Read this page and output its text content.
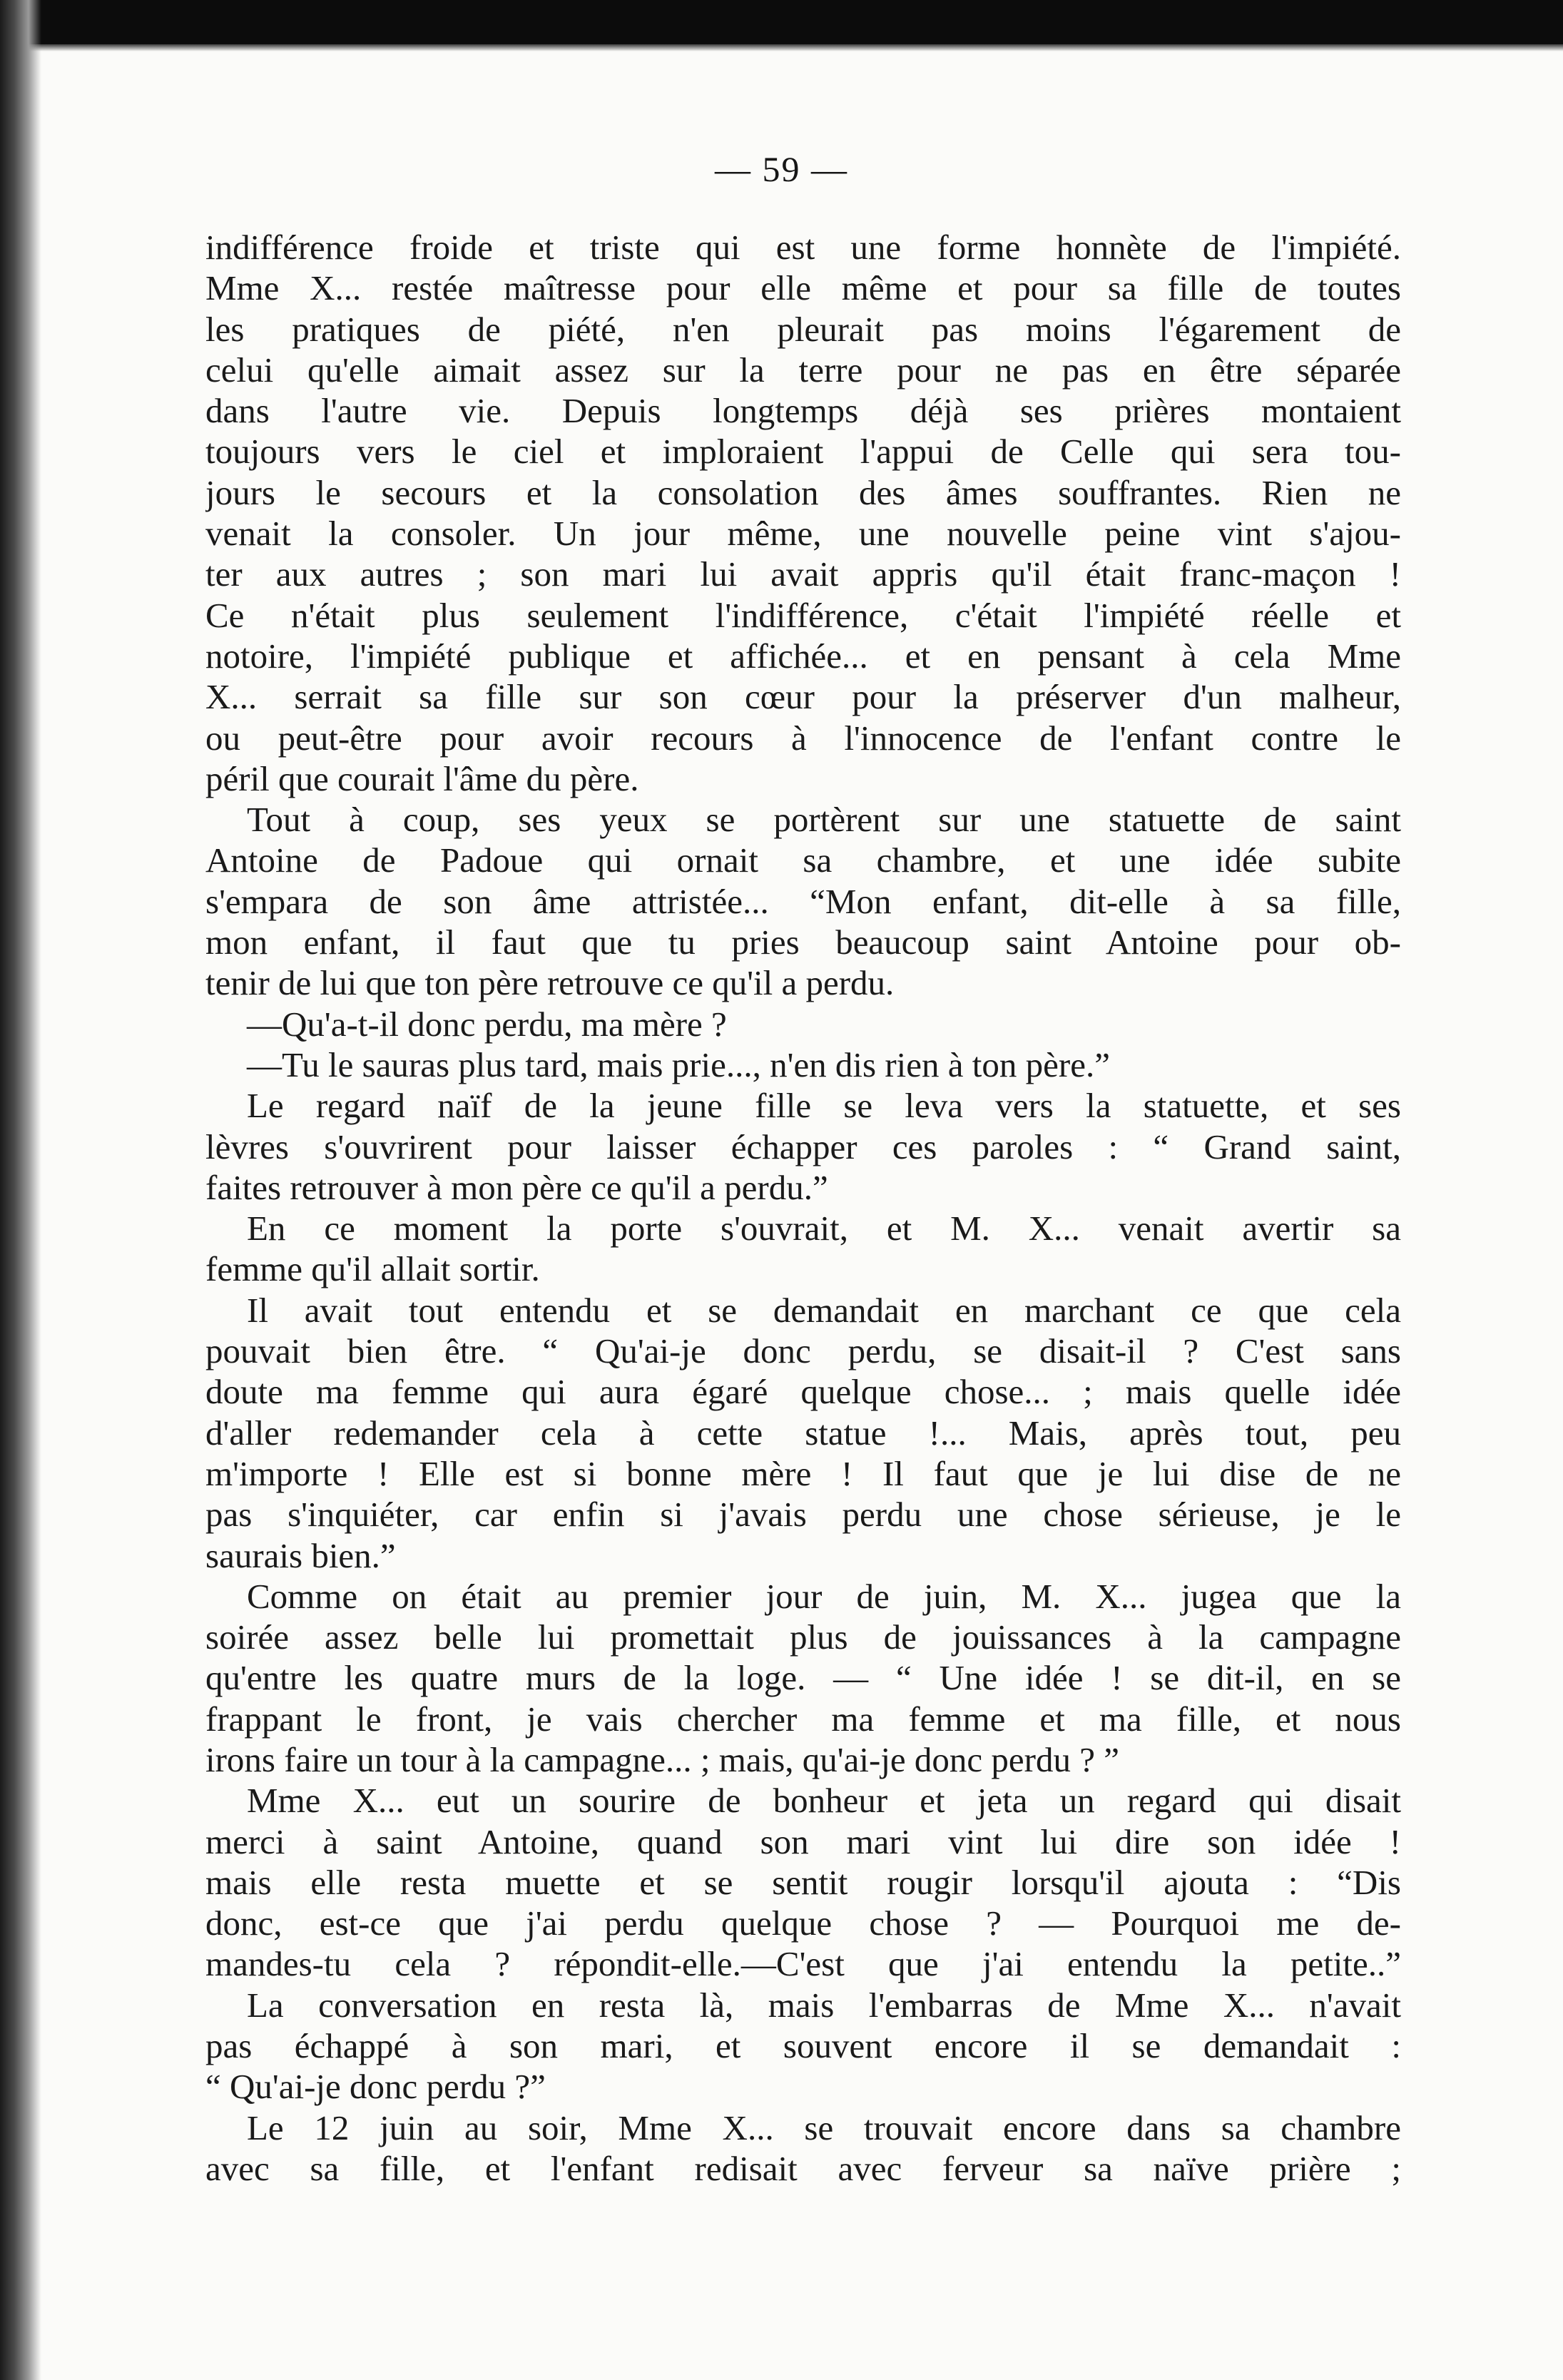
— 59 —
indifférence froide et triste qui est une forme honnète de l'impiété.
Mme X... restée maîtresse pour elle même et pour sa fille de toutes
les pratiques de piété, n'en pleurait pas moins l'égarement de
celui qu'elle aimait assez sur la terre pour ne pas en être séparée
dans l'autre vie. Depuis longtemps déjà ses prières montaient
toujours vers le ciel et imploraient l'appui de Celle qui sera tou-
jours le secours et la consolation des âmes souffrantes. Rien ne
venait la consoler. Un jour même, une nouvelle peine vint s'ajou-
ter aux autres ; son mari lui avait appris qu'il était franc-maçon !
Ce n'était plus seulement l'indifférence, c'était l'impiété réelle et
notoire, l'impiété publique et affichée... et en pensant à cela Mme
X... serrait sa fille sur son cœur pour la préserver d'un malheur,
ou peut-être pour avoir recours à l'innocence de l'enfant contre le
péril que courait l'âme du père.
Tout à coup, ses yeux se portèrent sur une statuette de saint
Antoine de Padoue qui ornait sa chambre, et une idée subite
s'empara de son âme attristée... “Mon enfant, dit-elle à sa fille,
mon enfant, il faut que tu pries beaucoup saint Antoine pour ob-
tenir de lui que ton père retrouve ce qu'il a perdu.
—Qu'a-t-il donc perdu, ma mère ?
—Tu le sauras plus tard, mais prie..., n'en dis rien à ton père.”
Le regard naïf de la jeune fille se leva vers la statuette, et ses
lèvres s'ouvrirent pour laisser échapper ces paroles : “ Grand saint,
faites retrouver à mon père ce qu'il a perdu.”
En ce moment la porte s'ouvrait, et M. X... venait avertir sa
femme qu'il allait sortir.
Il avait tout entendu et se demandait en marchant ce que cela
pouvait bien être. “ Qu'ai-je donc perdu, se disait-il ? C'est sans
doute ma femme qui aura égaré quelque chose... ; mais quelle idée
d'aller redemander cela à cette statue !... Mais, après tout, peu
m'importe ! Elle est si bonne mère ! Il faut que je lui dise de ne
pas s'inquiéter, car enfin si j'avais perdu une chose sérieuse, je le
saurais bien.”
Comme on était au premier jour de juin, M. X... jugea que la
soirée assez belle lui promettait plus de jouissances à la campagne
qu'entre les quatre murs de la loge. — “ Une idée ! se dit-il, en se
frappant le front, je vais chercher ma femme et ma fille, et nous
irons faire un tour à la campagne... ; mais, qu'ai-je donc perdu ? ”
Mme X... eut un sourire de bonheur et jeta un regard qui disait
merci à saint Antoine, quand son mari vint lui dire son idée !
mais elle resta muette et se sentit rougir lorsqu'il ajouta : “Dis
donc, est-ce que j'ai perdu quelque chose ? — Pourquoi me de-
mandes-tu cela ? répondit-elle.—C'est que j'ai entendu la petite..”
La conversation en resta là, mais l'embarras de Mme X... n'avait
pas échappé à son mari, et souvent encore il se demandait :
“ Qu'ai-je donc perdu ?”
Le 12 juin au soir, Mme X... se trouvait encore dans sa chambre
avec sa fille, et l'enfant redisait avec ferveur sa naïve prière ;
